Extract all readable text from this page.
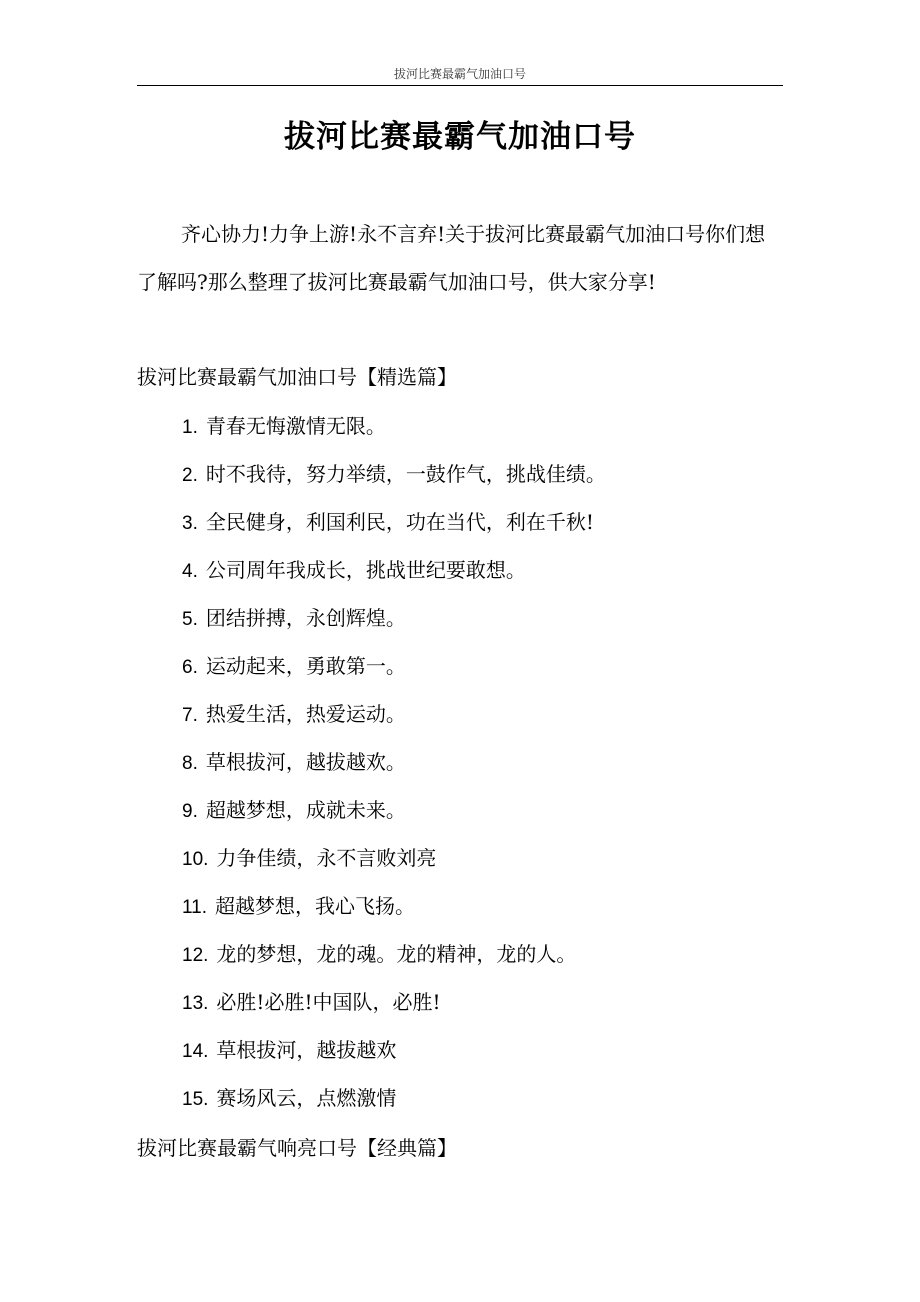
拔河比赛最霸气加油口号
拔河比赛最霸气加油口号

齐心协力!力争上游!永不言弃!关于拔河比赛最霸气加油口号你们想了解吗?那么整理了拔河比赛最霸气加油口号，供大家分享!

拔河比赛最霸气加油口号【精选篇】

1. 青春无悔激情无限。
2. 时不我待，努力举绩，一鼓作气，挑战佳绩。
3. 全民健身，利国利民，功在当代，利在千秋!
4. 公司周年我成长，挑战世纪要敢想。
5. 团结拼搏，永创辉煌。
6. 运动起来，勇敢第一。
7. 热爱生活，热爱运动。
8. 草根拔河，越拔越欢。
9. 超越梦想，成就未来。
10. 力争佳绩，永不言败刘亮
11. 超越梦想，我心飞扬。
12. 龙的梦想，龙的魂。龙的精神，龙的人。
13. 必胜!必胜!中国队，必胜!
14. 草根拔河，越拔越欢
15. 赛场风云，点燃激情

拔河比赛最霸气响亮口号【经典篇】
